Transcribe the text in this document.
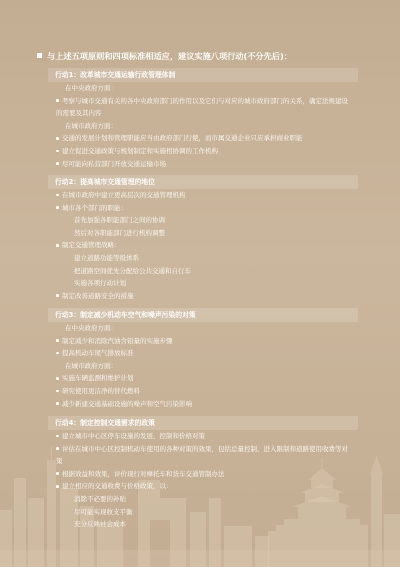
与上述五项原则和四项标准相适应，建议实施八项行动(不分先后)：
行动1：改革城市交通运输行政管理体制
在中央政府方面：
考察与城市交通有关的各中央政府部门的作用以及它们与对应的城市政府部门的关系，确定法规建设的需要及其内容
在城市政府方面：
交通的发展计划和管理职能应当由政府部门行使，而市属交通企业只应承担商业职能
建立促进交通政策与规划制定和实施相协调的工作机构
尽可能向私营部门开放交通运输市场
行动2：提高城市交通管理的地位
在城市政府中建立更高层次的交通管理机构
城市各个部门的职能：
首先加强各职能部门之间的协调
然后对各职能部门进行机构调整
制定交通管理战略：
建立道路功能等级体系
把道路空间优先分配给公共交通和自行车
实施各项行动计划
制定改善道路安全的措施
行动3：制定减少机动车空气和噪声污染的对策
在中央政府方面：
制定减少和消除汽油含铅量的实施步骤
提高机动车尾气排放标准
在城市政府方面：
实施车辆监测和维护计划
研究使用更洁净的替代燃料
减少新建交通基础设施的噪声和空气污染影响
行动4：制定控制交通需求的政策
建立城市中心区停车设施的发展、控制和价格对策
评估在城市中心区控制机动车使用的各种对策的效果，包括总量控制、进入限制和道路使用收费等对策
根据效益和效果，评价现行对摩托车和货车交通管制办法
建立相应的交通收费与价格政策，以：
消除不必要的补贴
尽可能实现收支平衡
充分反映社会成本
